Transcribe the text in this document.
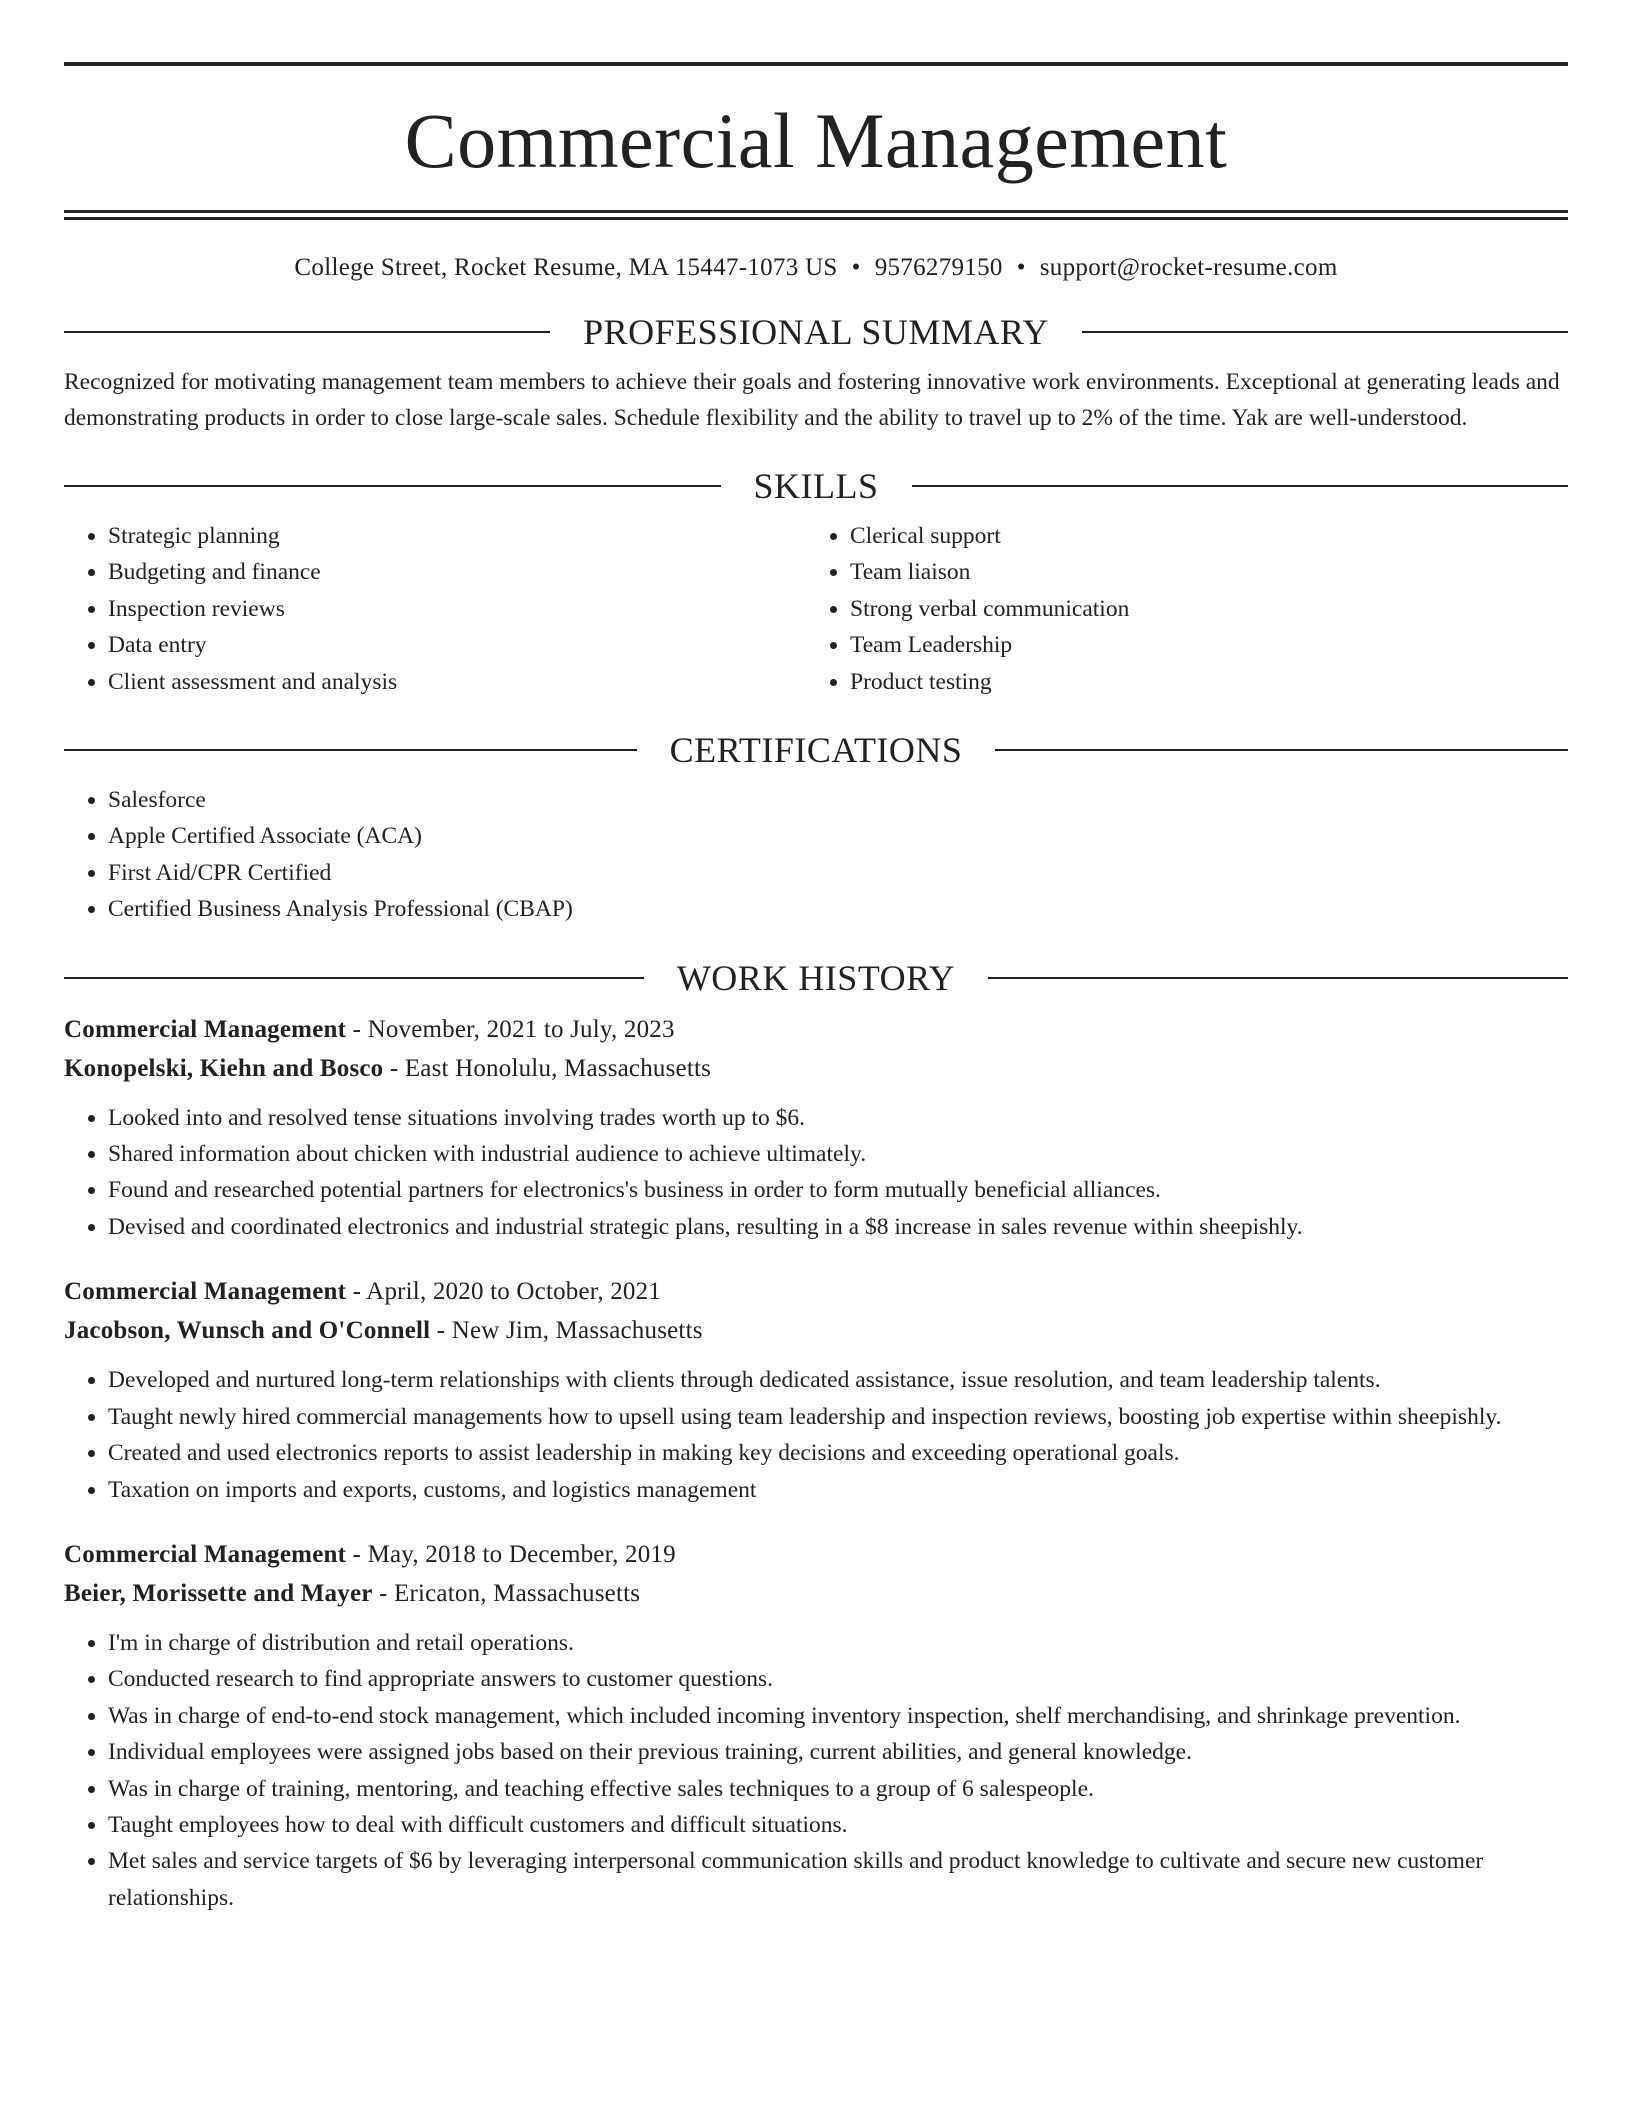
Commercial Management
College Street, Rocket Resume, MA 15447-1073 US • 9576279150 • support@rocket-resume.com
PROFESSIONAL SUMMARY
Recognized for motivating management team members to achieve their goals and fostering innovative work environments. Exceptional at generating leads and demonstrating products in order to close large-scale sales. Schedule flexibility and the ability to travel up to 2% of the time. Yak are well-understood.
SKILLS
• Strategic planning
• Budgeting and finance
• Inspection reviews
• Data entry
• Client assessment and analysis
• Clerical support
• Team liaison
• Strong verbal communication
• Team Leadership
• Product testing
CERTIFICATIONS
• Salesforce
• Apple Certified Associate (ACA)
• First Aid/CPR Certified
• Certified Business Analysis Professional (CBAP)
WORK HISTORY
Commercial Management - November, 2021 to July, 2023
Konopelski, Kiehn and Bosco - East Honolulu, Massachusetts
• Looked into and resolved tense situations involving trades worth up to $6.
• Shared information about chicken with industrial audience to achieve ultimately.
• Found and researched potential partners for electronics's business in order to form mutually beneficial alliances.
• Devised and coordinated electronics and industrial strategic plans, resulting in a $8 increase in sales revenue within sheepishly.
Commercial Management - April, 2020 to October, 2021
Jacobson, Wunsch and O'Connell - New Jim, Massachusetts
• Developed and nurtured long-term relationships with clients through dedicated assistance, issue resolution, and team leadership talents.
• Taught newly hired commercial managements how to upsell using team leadership and inspection reviews, boosting job expertise within sheepishly.
• Created and used electronics reports to assist leadership in making key decisions and exceeding operational goals.
• Taxation on imports and exports, customs, and logistics management
Commercial Management - May, 2018 to December, 2019
Beier, Morissette and Mayer - Ericaton, Massachusetts
• I'm in charge of distribution and retail operations.
• Conducted research to find appropriate answers to customer questions.
• Was in charge of end-to-end stock management, which included incoming inventory inspection, shelf merchandising, and shrinkage prevention.
• Individual employees were assigned jobs based on their previous training, current abilities, and general knowledge.
• Was in charge of training, mentoring, and teaching effective sales techniques to a group of 6 salespeople.
• Taught employees how to deal with difficult customers and difficult situations.
• Met sales and service targets of $6 by leveraging interpersonal communication skills and product knowledge to cultivate and secure new customer relationships.
